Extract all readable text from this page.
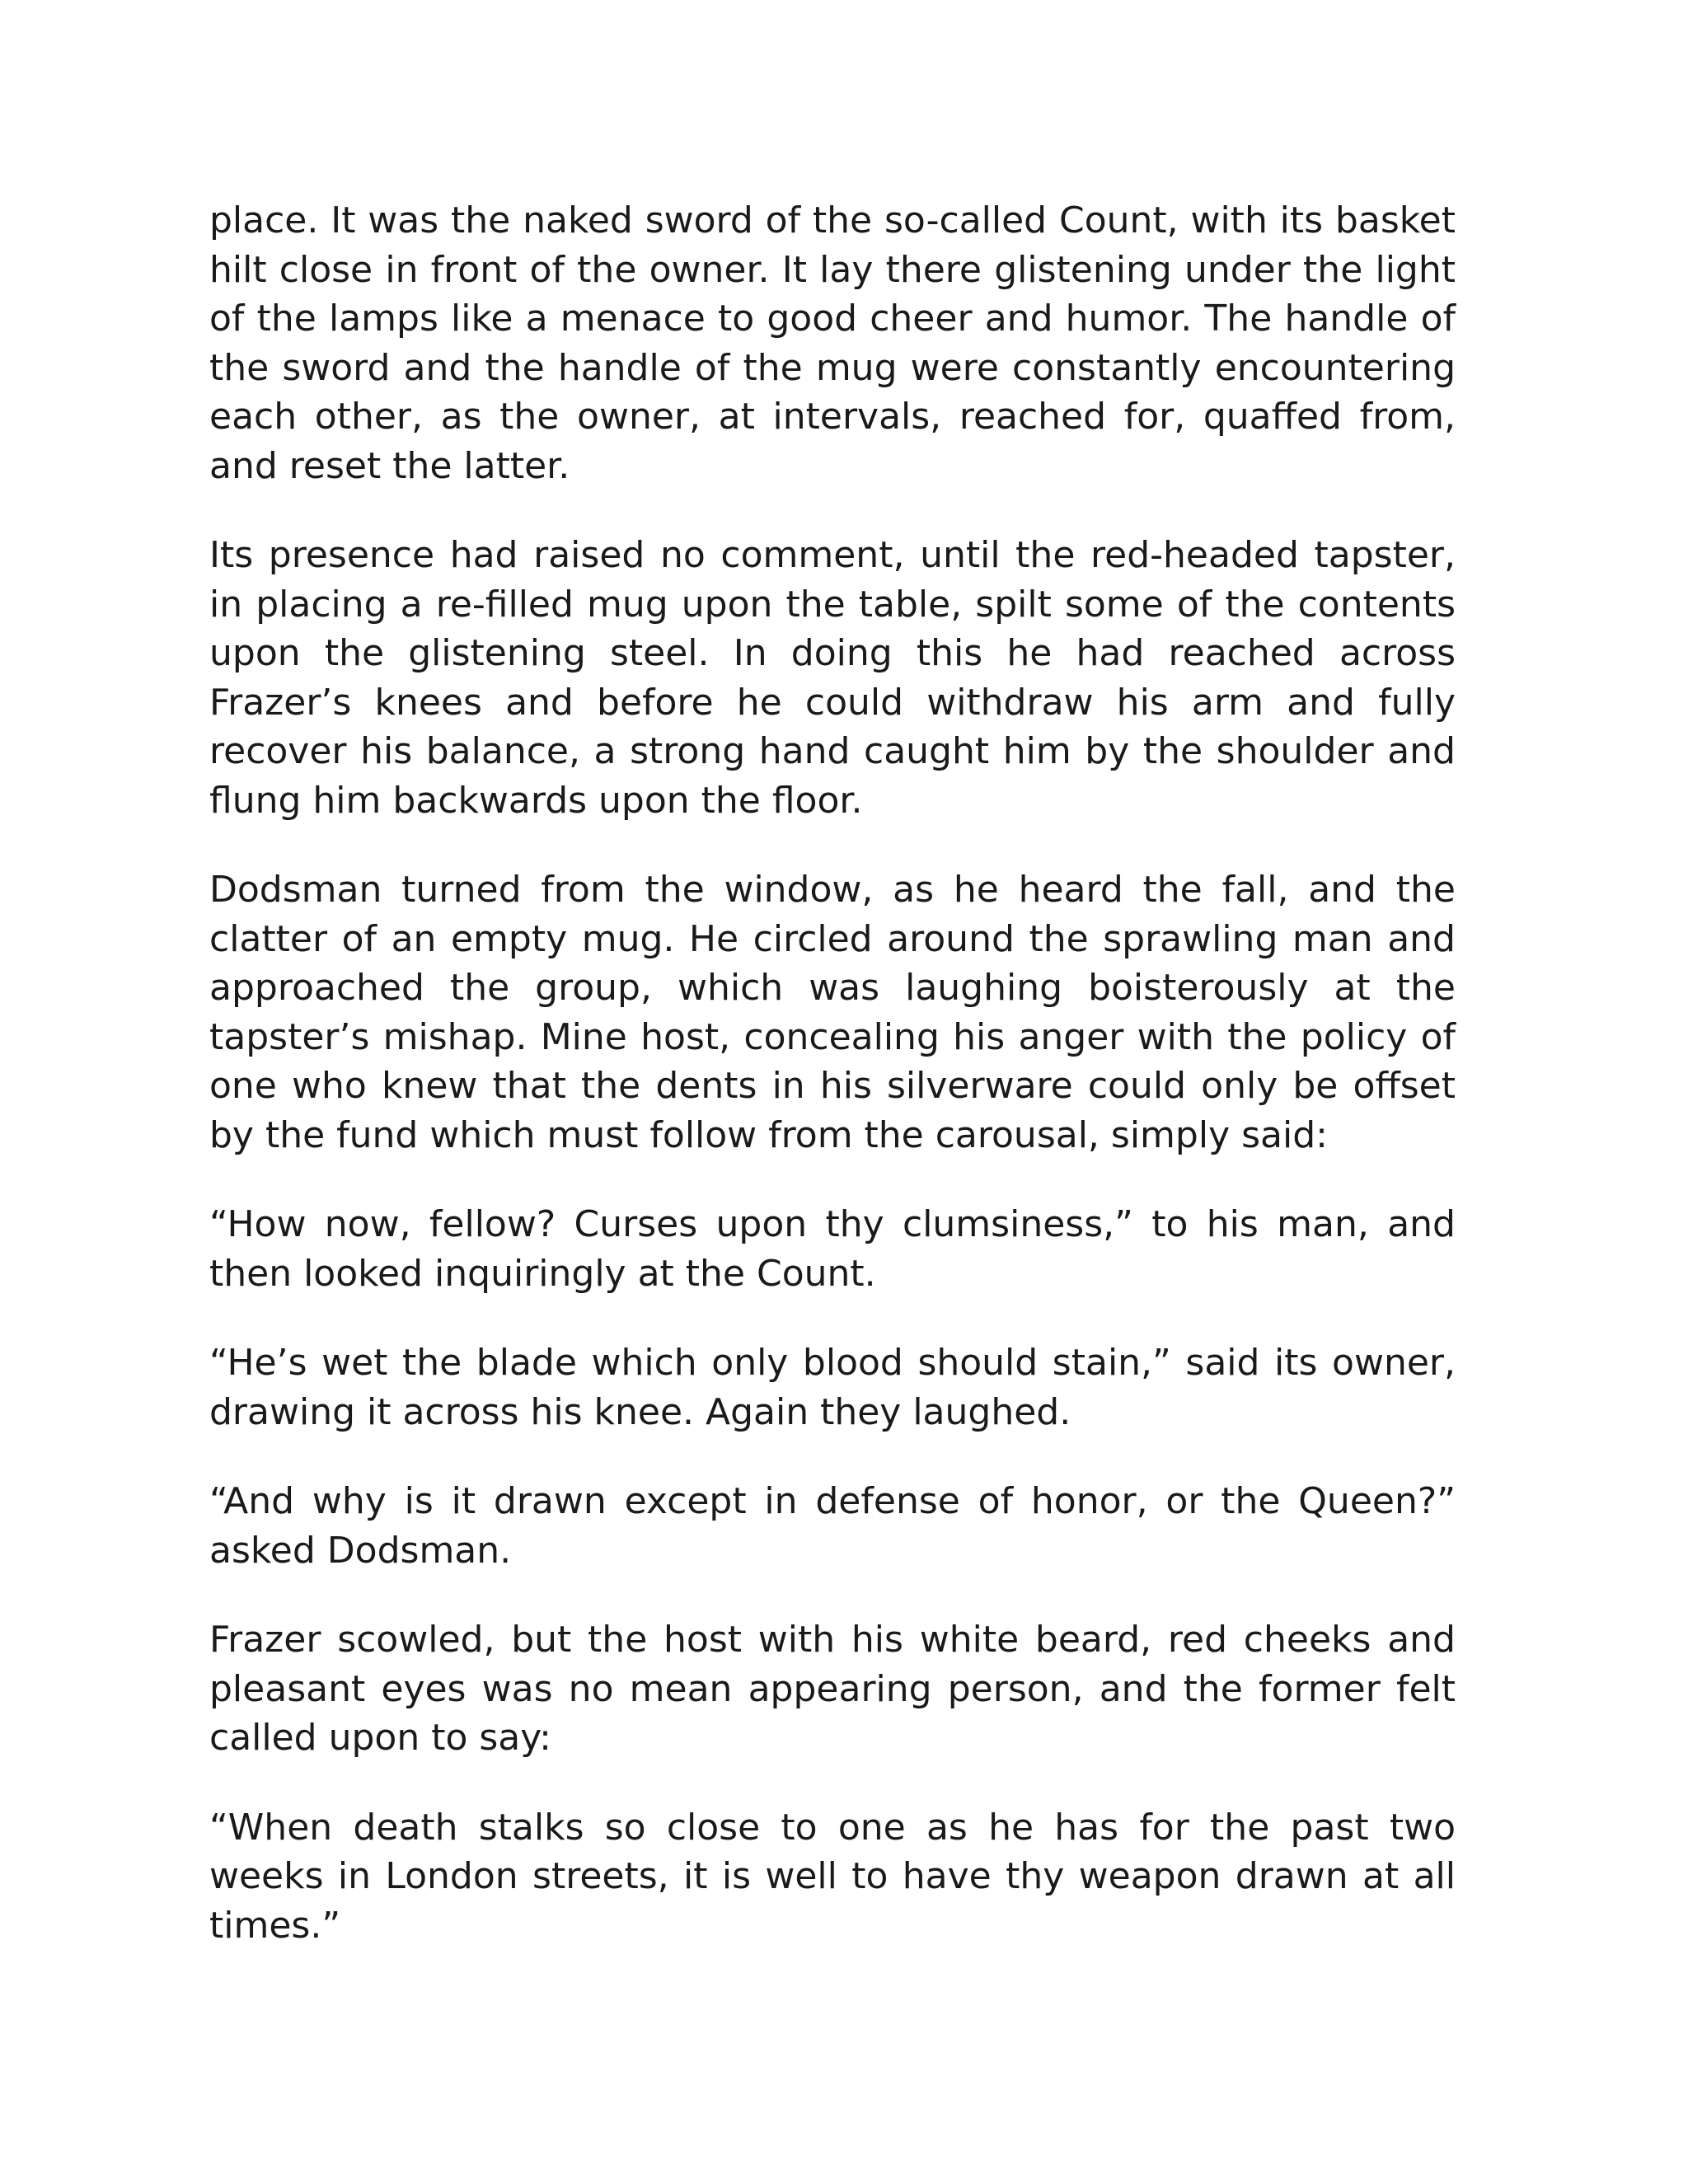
place. It was the naked sword of the so-called Count, with its basket hilt close in front of the owner. It lay there glistening under the light of the lamps like a menace to good cheer and humor. The handle of the sword and the handle of the mug were constantly encountering each other, as the owner, at intervals, reached for, quaffed from, and reset the latter.

Its presence had raised no comment, until the red-headed tapster, in placing a re-filled mug upon the table, spilt some of the contents upon the glistening steel. In doing this he had reached across Frazer’s knees and before he could withdraw his arm and fully recover his balance, a strong hand caught him by the shoulder and flung him backwards upon the floor.

Dodsman turned from the window, as he heard the fall, and the clatter of an empty mug. He circled around the sprawling man and approached the group, which was laughing boisterously at the tapster’s mishap. Mine host, concealing his anger with the policy of one who knew that the dents in his silverware could only be offset by the fund which must follow from the carousal, simply said:

“How now, fellow? Curses upon thy clumsiness,” to his man, and then looked inquiringly at the Count.

“He’s wet the blade which only blood should stain,” said its owner, drawing it across his knee. Again they laughed.

“And why is it drawn except in defense of honor, or the Queen?” asked Dodsman.

Frazer scowled, but the host with his white beard, red cheeks and pleasant eyes was no mean appearing person, and the former felt called upon to say:

“When death stalks so close to one as he has for the past two weeks in London streets, it is well to have thy weapon drawn at all times.”
